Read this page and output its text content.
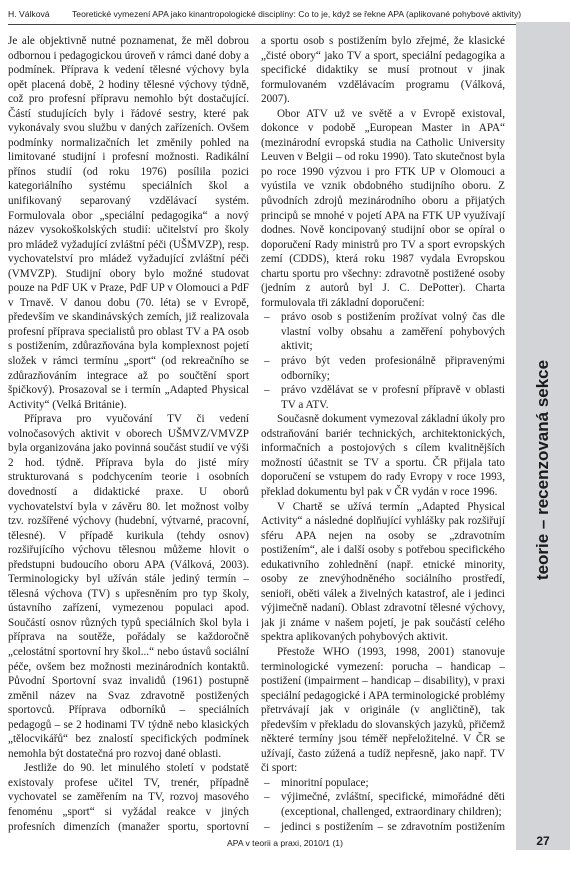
H. Válková	Teoretické vymezení APA jako kinantropologické disciplíny: Co to je, když se řekne APA (aplikované pohybové aktivity)

Je ale objektivně nutné poznamenat, že měl dobrou odbornou i pedagogickou úroveň v rámci dané doby a podmínek. Příprava k vedení tělesné výchovy byla opět placená době, 2 hodiny tělesné výchovy týdně, což pro profesní přípravu nemohlo být dostačující. Částí studujících byly i řádové sestry, které pak vykonávaly svou službu v daných zařízeních. Ovšem podmínky normalizačních let změnily pohled na limitované studijní i profesní možnosti. Radikální přínos studií (od roku 1976) posílila pozici kategoriálního systému speciálních škol a unifikovaný separovaný vzdělávací systém. Formulovala obor „speciální pedagogika“ a nový název vysokoškolských studií: učitelství pro školy pro mládež vyžadující zvláštní péči (UŠMVZP), resp. vychovatelství pro mládež vyžadující zvláštní péči (VMVZP). Studijní obory bylo možné studovat pouze na PdF UK v Praze, PdF UP v Olomouci a PdF v Trnavě. V danou dobu (70. léta) se v Evropě, především ve skandinávských zemích, již realizovala profesní příprava specialistů pro oblast TV a PA osob s postižením, zdůrazňována byla komplexnost pojetí složek v rámci termínu „sport“ (od rekreačního se zdůrazňováním integrace až po součtění sport špičkový). Prosazoval se i termín „Adapted Physical Activity“ (Velká Británie).

Příprava pro vyučování TV či vedení volnočasových aktivit v oborech UŠMVZ/VMVZP byla organizována jako povinná součást studií ve výši 2 hod. týdně. Příprava byla do jisté míry strukturovaná s podchycením teorie i osobních dovedností a didaktické praxe. U oborů vychovatelství byla v závěru 80. let možnost volby tzv. rozšířené výchovy (hudební, výtvarné, pracovní, tělesné). V případě kurikula (tehdy osnov) rozšiřujícího výchovu tělesnou můžeme hlovit o předstupni budoucího oboru APA (Válková, 2003). Terminologicky byl užíván stále jediný termín – tělesná výchova (TV) s upřesněním pro typ školy, ústavního zařízení, vymezenou populaci apod. Součástí osnov různých typů speciálních škol byla i příprava na soutěže, pořádaly se každoročně „celostátní sportovní hry škol...“ nebo ústavů sociální péče, ovšem bez možnosti mezinárodních kontaktů. Původní Sportovní svaz invalidů (1961) postupně změnil název na Svaz zdravotně postižených sportovců. Příprava odborníků – speciálních pedagogů – se 2 hodinami TV týdně nebo klasických „tělocvikářů“ bez znalostí specifických podmínek nemohla být dostatečná pro rozvoj dané oblasti.

Jestliže do 90. let minulého století v podstatě existovaly profese učitel TV, trenér, případně vychovatel se zaměřením na TV, rozvoj masového fenoménu „sport“ si vyžádal reakce v jiných profesních dimenzích (manažer sportu, sportovní

a sportu osob s postižením bylo zřejmé, že klasické „čisté obory“ jako TV a sport, speciální pedagogika a specifické didaktiky se musí protnout v jinak formulovaném vzdělávacím programu (Válková, 2007).

Obor ATV už ve světě a v Evropě existoval, dokonce v podobě „European Master in APA“ (mezinárodní evropská studia na Catholic University Leuven v Belgii – od roku 1990). Tato skutečnost byla po roce 1990 výzvou i pro FTK UP v Olomouci a vyústila ve vznik obdobného studijního oboru. Z původních zdrojů mezinárodního oboru a přijatých principů se mnohé v pojetí APA na FTK UP využívají dodnes. Nově koncipovaný studijní obor se opíral o doporučení Rady ministrů pro TV a sport evropských zemí (CDDS), která roku 1987 vydala Evropskou chartu sportu pro všechny: zdravotně postižené osoby (jedním z autorů byl J. C. DePotter). Charta formulovala tři základní doporučení:

– právo osob s postižením prožívat volný čas dle vlastní volby obsahu a zaměření pohybových aktivit;
– právo být veden profesionálně připravenými odborníky;
– právo vzdělávat se v profesní přípravě v oblasti TV a ATV.

Současně dokument vymezoval základní úkoly pro odstraňování bariér technických, architektonických, informačních a postojových s cílem kvalitnějších možností účastnit se TV a sportu. ČR přijala tato doporučení se vstupem do rady Evropy v roce 1993, překlad dokumentu byl pak v ČR vydán v roce 1996.

V Chartě se užívá termín „Adapted Physical Activity“ a následné doplňující vyhlášky pak rozšiřují sféru APA nejen na osoby se „zdravotním postižením“, ale i další osoby s potřebou specifického edukativního zohlednění (např. etnické minority, osoby ze znevýhodněného sociálního prostředí, senioři, oběti válek a živelných katastrof, ale i jedinci výjimečně nadaní). Oblast zdravotní tělesné výchovy, jak ji známe v našem pojetí, je pak součástí celého spektra aplikovaných pohybových aktivit.

Přestože WHO (1993, 1998, 2001) stanovuje terminologické vymezení: porucha – handicap – postižení (impairment – handicap – disability), v praxi speciální pedagogické i APA terminologické problémy přetrvávají jak v originále (v angličtině), tak především v překladu do slovanských jazyků, přičemž některé termíny jsou téměř nepřeložitelné. V ČR se užívají, často zúžená a tudíž nepřesně, jako např. TV či sport:

– minoritní populace;
– výjimečné, zvláštní, specifické, mimořádné děti (exceptional, challenged, extraordinary children);
– jedinci s postižením – se zdravotním postižením
APA v teorii a praxi, 2010/1 (1)
teorie – recenzovaná sekce
27
